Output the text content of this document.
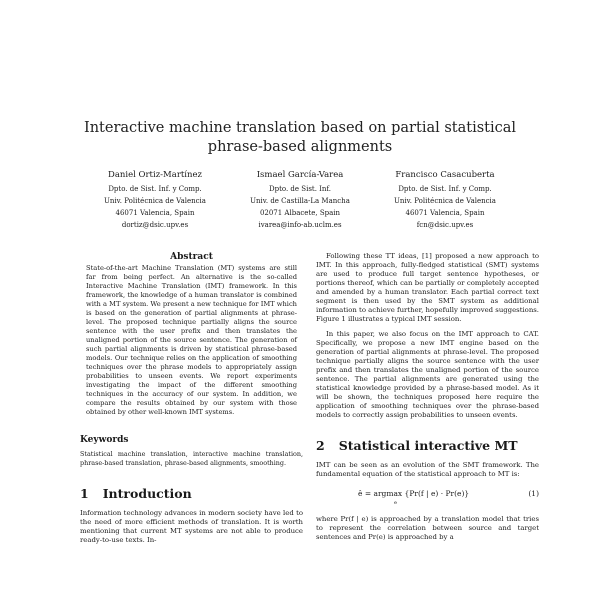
Interactive machine translation based on partial statistical
phrase-based alignments
Daniel Ortiz-Martínez
Dpto. de Sist. Inf. y Comp.
Univ. Politécnica de Valencia
46071 Valencia, Spain
dortiz@dsic.upv.es
Ismael García-Varea
Dpto. de Sist. Inf.
Univ. de Castilla-La Mancha
02071 Albacete, Spain
ivarea@info-ab.uclm.es
Francisco Casacuberta
Dpto. de Sist. Inf. y Comp.
Univ. Politécnica de Valencia
46071 Valencia, Spain
fcn@dsic.upv.es
Abstract
State-of-the-art Machine Translation (MT) systems are still far from being perfect. An alternative is the so-called Interactive Machine Translation (IMT) framework. In this framework, the knowledge of a human translator is combined with a MT system. We present a new technique for IMT which is based on the generation of partial alignments at phrase-level. The proposed technique partially aligns the source sentence with the user prefix and then translates the unaligned portion of the source sentence. The generation of such partial alignments is driven by statistical phrase-based models. Our technique relies on the application of smoothing techniques over the phrase models to appropriately assign probabilities to unseen events. We report experiments investigating the impact of the different smoothing techniques in the accuracy of our system. In addition, we compare the results obtained by our system with those obtained by other well-known IMT systems.
Keywords
Statistical machine translation, interactive machine translation, phrase-based translation, phrase-based alignments, smoothing.
1 Introduction

Information technology advances in modern society have led to the need of more efficient methods of translation. It is worth mentioning that current MT systems are not able to produce ready-to-use texts. In-

Following these TT ideas, [1] proposed a new approach to IMT. In this approach, fully-fledged statistical (SMT) systems are used to produce full target sentence hypotheses, or portions thereof, which can be partially or completely accepted and amended by a human translator. Each partial correct text segment is then used by the SMT system as additional information to achieve further, hopefully improved suggestions. Figure 1 illustrates a typical IMT session.

In this paper, we also focus on the IMT approach to CAT. Specifically, we propose a new IMT engine based on the generation of partial alignments at phrase-level. The proposed technique partially aligns the source sentence with the user prefix and then translates the unaligned portion of the source sentence. The partial alignments are generated using the statistical knowledge provided by a phrase-based model. As it will be shown, the techniques proposed here require the application of smoothing techniques over the phrase-based models to correctly assign probabilities to unseen events.

2 Statistical interactive MT

IMT can be seen as an evolution of the SMT framework. The fundamental equation of the statistical approach to MT is:

ê = argmax {Pr(f | e) · Pr(e)}
e
(1)

where Pr(f | e) is approached by a translation model that tries to represent the correlation between source and target sentences and Pr(e) is approached by a
